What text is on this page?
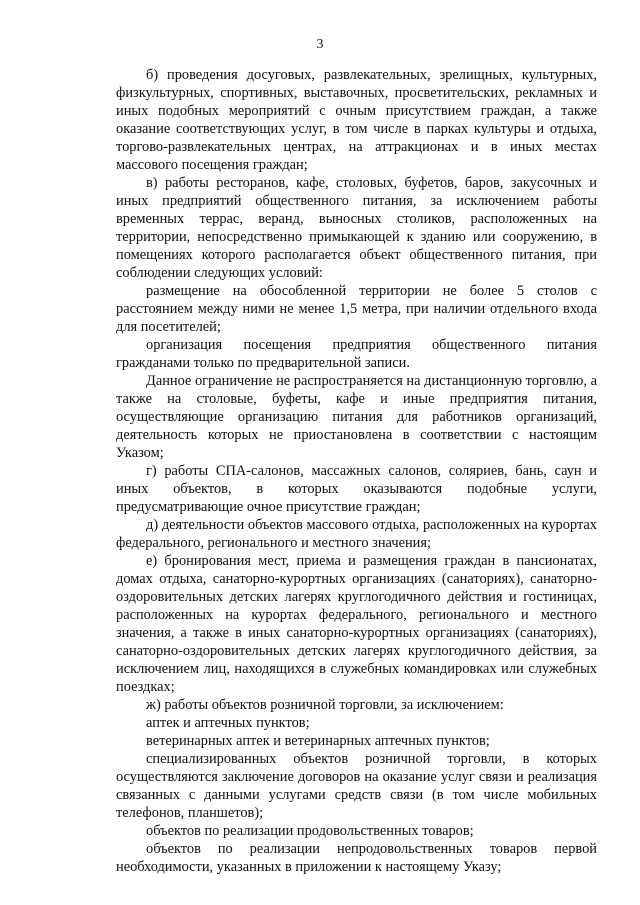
3

б) проведения досуговых, развлекательных, зрелищных, культурных, физкультурных, спортивных, выставочных, просветительских, рекламных и иных подобных мероприятий с очным присутствием граждан, а также оказание соответствующих услуг, в том числе в парках культуры и отдыха, торгово-развлекательных центрах, на аттракционах и в иных местах массового посещения граждан;

в) работы ресторанов, кафе, столовых, буфетов, баров, закусочных и иных предприятий общественного питания, за исключением работы временных террас, веранд, выносных столиков, расположенных на территории, непосредственно примыкающей к зданию или сооружению, в помещениях которого располагается объект общественного питания, при соблюдении следующих условий:

размещение на обособленной территории не более 5 столов с расстоянием между ними не менее 1,5 метра, при наличии отдельного входа для посетителей;

организация посещения предприятия общественного питания гражданами только по предварительной записи.

Данное ограничение не распространяется на дистанционную торговлю, а также на столовые, буфеты, кафе и иные предприятия питания, осуществляющие организацию питания для работников организаций, деятельность которых не приостановлена в соответствии с настоящим Указом;

г) работы СПА-салонов, массажных салонов, соляриев, бань, саун и иных объектов, в которых оказываются подобные услуги, предусматривающие очное присутствие граждан;

д) деятельности объектов массового отдыха, расположенных на курортах федерального, регионального и местного значения;

е) бронирования мест, приема и размещения граждан в пансионатах, домах отдыха, санаторно-курортных организациях (санаториях), санаторно-оздоровительных детских лагерях круглогодичного действия и гостиницах, расположенных на курортах федерального, регионального и местного значения, а также в иных санаторно-курортных организациях (санаториях), санаторно-оздоровительных детских лагерях круглогодичного действия, за исключением лиц, находящихся в служебных командировках или служебных поездках;

ж) работы объектов розничной торговли, за исключением:

аптек и аптечных пунктов;

ветеринарных аптек и ветеринарных аптечных пунктов;

специализированных объектов розничной торговли, в которых осуществляются заключение договоров на оказание услуг связи и реализация связанных с данными услугами средств связи (в том числе мобильных телефонов, планшетов);

объектов по реализации продовольственных товаров;

объектов по реализации непродовольственных товаров первой необходимости, указанных в приложении к настоящему Указу;
